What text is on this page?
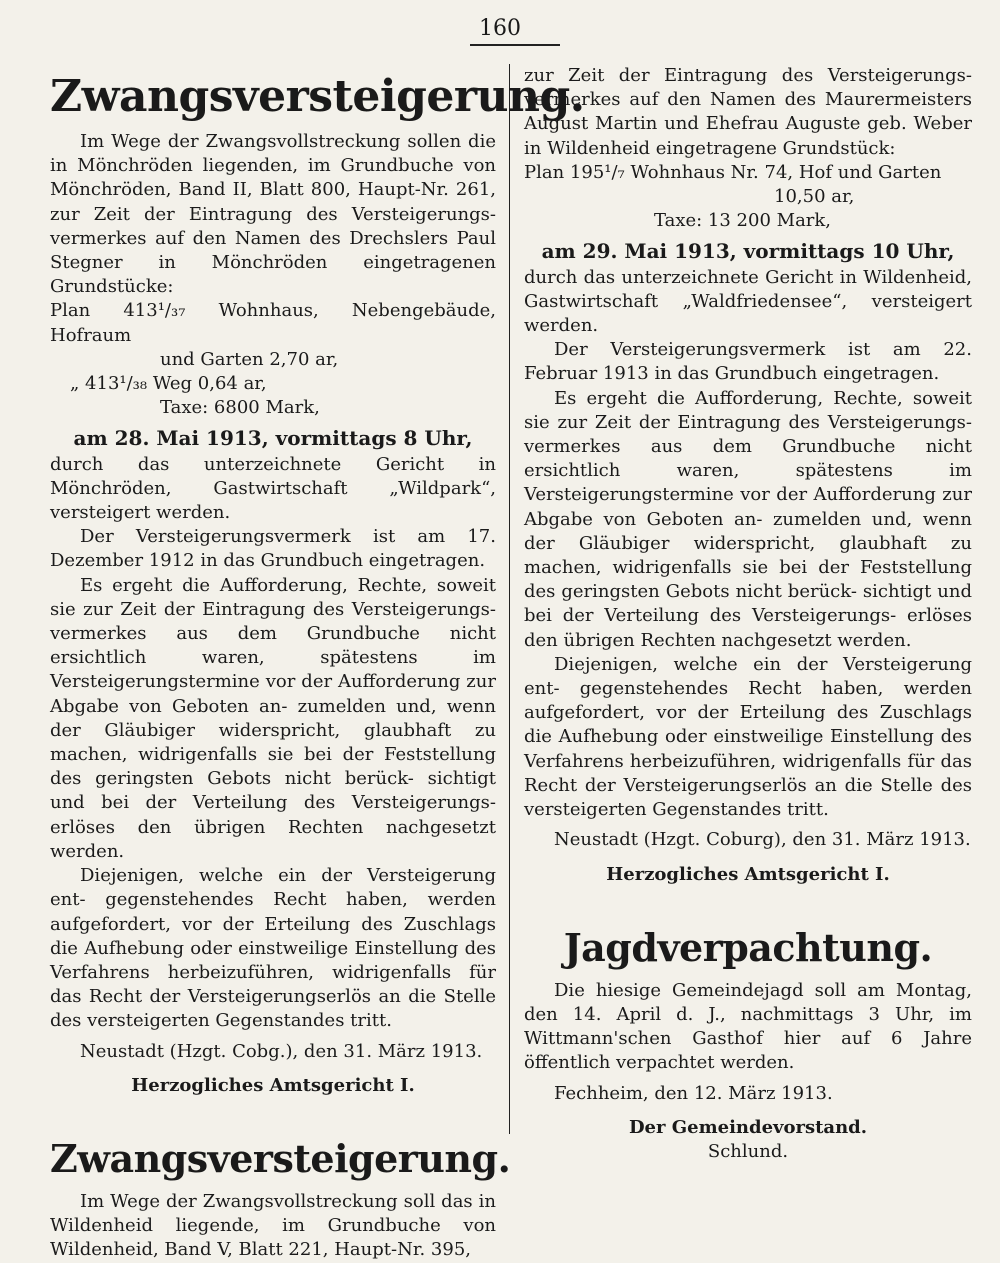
160
Zwangsversteigerung.

Im Wege der Zwangsvollstreckung sollen die in Mönchröden liegenden, im Grundbuche von Mönchröden, Band II, Blatt 800, Haupt-Nr. 261, zur Zeit der Eintragung des Versteigerungs- vermerkes auf den Namen des Drechslers Paul Stegner in Mönchröden eingetragenen Grundstücke:

Plan 413¹/₃₇ Wohnhaus, Nebengebäude, Hofraum

und Garten 2,70 ar,

„ 413¹/₃₈ Weg 0,64 ar,

Taxe: 6800 Mark,

am 28. Mai 1913, vormittags 8 Uhr,

durch das unterzeichnete Gericht in Mönchröden, Gastwirtschaft „Wildpark“, versteigert werden.

Der Versteigerungsvermerk ist am 17. Dezember 1912 in das Grundbuch eingetragen.

Es ergeht die Aufforderung, Rechte, soweit sie zur Zeit der Eintragung des Versteigerungs- vermerkes aus dem Grundbuche nicht ersichtlich waren, spätestens im Versteigerungstermine vor der Aufforderung zur Abgabe von Geboten an- zumelden und, wenn der Gläubiger widerspricht, glaubhaft zu machen, widrigenfalls sie bei der Feststellung des geringsten Gebots nicht berück- sichtigt und bei der Verteilung des Versteigerungs- erlöses den übrigen Rechten nachgesetzt werden.

Diejenigen, welche ein der Versteigerung ent- gegenstehendes Recht haben, werden aufgefordert, vor der Erteilung des Zuschlags die Aufhebung oder einstweilige Einstellung des Verfahrens herbeizuführen, widrigenfalls für das Recht der Versteigerungserlös an die Stelle des versteigerten Gegenstandes tritt.

Neustadt (Hzgt. Cobg.), den 31. März 1913.

Herzogliches Amtsgericht I.
Zwangsversteigerung.

Im Wege der Zwangsvollstreckung soll das in Wildenheid liegende, im Grundbuche von Wildenheid, Band V, Blatt 221, Haupt-Nr. 395,

zur Zeit der Eintragung des Versteigerungs- vermerkes auf den Namen des Maurermeisters August Martin und Ehefrau Auguste geb. Weber in Wildenheid eingetragene Grundstück:

Plan 195¹/₇ Wohnhaus Nr. 74, Hof und Garten

10,50 ar,

Taxe: 13 200 Mark,

am 29. Mai 1913, vormittags 10 Uhr,

durch das unterzeichnete Gericht in Wildenheid, Gastwirtschaft „Waldfriedensee“, versteigert werden.

Der Versteigerungsvermerk ist am 22. Februar 1913 in das Grundbuch eingetragen.

Es ergeht die Aufforderung, Rechte, soweit sie zur Zeit der Eintragung des Versteigerungs- vermerkes aus dem Grundbuche nicht ersichtlich waren, spätestens im Versteigerungstermine vor der Aufforderung zur Abgabe von Geboten an- zumelden und, wenn der Gläubiger widerspricht, glaubhaft zu machen, widrigenfalls sie bei der Feststellung des geringsten Gebots nicht berück- sichtigt und bei der Verteilung des Versteigerungs- erlöses den übrigen Rechten nachgesetzt werden.

Diejenigen, welche ein der Versteigerung ent- gegenstehendes Recht haben, werden aufgefordert, vor der Erteilung des Zuschlags die Aufhebung oder einstweilige Einstellung des Verfahrens herbeizuführen, widrigenfalls für das Recht der Versteigerungserlös an die Stelle des versteigerten Gegenstandes tritt.

Neustadt (Hzgt. Coburg), den 31. März 1913.

Herzogliches Amtsgericht I.
Jagdverpachtung.

Die hiesige Gemeindejagd soll am Montag, den 14. April d. J., nachmittags 3 Uhr, im Wittmann'schen Gasthof hier auf 6 Jahre öffentlich verpachtet werden.

Fechheim, den 12. März 1913.

Der Gemeindevorstand.
Schlund.
